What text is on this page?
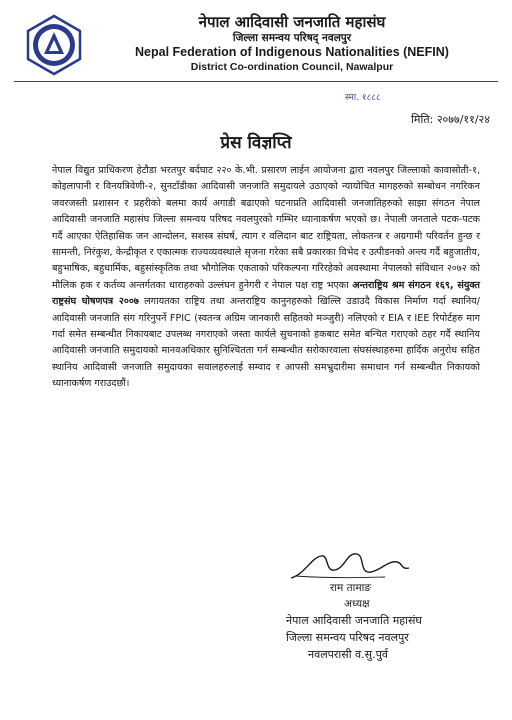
नेपाल आदिवासी जनजाति महासंघ
जिल्ला समन्वय परिषद् नवलपुर
Nepal Federation of Indigenous Nationalities (NEFIN)
District Co-ordination Council, Nawalpur
स्मा. १८८८
मिति: २०७७/११/२४
प्रेस विज्ञप्ति

नेपाल विद्युत प्राधिकरण हेटौडा भरतपुर बर्दघाट २२० के.भी. प्रसारण लाईन आयोजना द्वारा नवलपुर जिल्लाको कावासोती-१, कोइलापानी र विनयत्रिवेणी-२, सुनटाँडीका आदिवासी जनजाति समुदायले उठाएको न्यायोचित मागहरुको सम्बोधन नगरिकन जवरजस्ती प्रशासन र प्रहरीको बलमा कार्य अगाडी बढाएको घटनाप्रति आदिवासी जनजातिहरुको साझा संगठन नेपाल आदिवासी जनजाति महासंघ जिल्ला समन्वय परिषद नवलपुरको गम्भिर ध्यानाकर्षण भएको छ। नेपाली जनताले पटक-पटक गर्दै आएका ऐतिहासिक जन आन्दोलन, सशस्त्र संघर्ष, त्याग र वलिदान बाट राष्ट्रियता, लोकतन्त्र र अग्रगामी परिवर्तन हुन्छ र सामन्ती, निरंकुश, केन्द्रीकृत र एकात्मक राज्यव्यवस्थाले सृजना गरेका सबै प्रकारका विभेद र उत्पीडनको अन्त्य गर्दै बहुजातीय, बहुभाषिक, बहुधार्मिक, बहुसांस्कृतिक तथा भौगोलिक एकताको परिकल्पना गरिरहेको अवस्थामा नेपालको संविधान २०७२ को मौलिक हक र कर्तव्य अन्तर्गतका धाराहरुको उल्लंघन हुनेगरी र नेपाल पक्ष राष्ट्र भएका अन्तराष्ट्रिय श्रम संगठन १६९, संयुक्त राष्ट्रसंघ घोषणपत्र २००७ लगायतका राष्ट्रिय तथा अन्तराष्ट्रिय कानुनहरुको खिल्लि उडाउदै विकास निर्माण गर्दा स्थानिय/आदिवासी जनजाति संग गरिनुपर्ने FPIC (स्वतन्त्र अग्रिम जानकारी सहितको मञ्जुरी) नलिएको र EIA र IEE रिपोर्टहरु माग गर्दा समेत सम्बन्धीत निकायबाट उपलब्ध नगराएको जस्ता कार्यले सुचनाको हकबाट समेत बन्चित गराएको ठहर गर्दै स्थानिय आदिवासी जनजाति समुदायको मानवअधिकार सुनिश्चितता गर्न सम्बन्धीत सरोकारवाला संघसंस्थाहरुमा हार्दिक अनुरोध सहित स्थानिय आदिवासी जनजाति समुदायका सवालहरुलाई सम्वाद र आपसी समभ्रुदारीमा समाधान गर्न सम्बन्धीत निकायको ध्यानाकर्षण गराउदछौं।

राम तामाङ
अध्यक्ष
नेपाल आदिवासी जनजाति महासंघ
जिल्ला समन्वय परिषद नवलपुर
नवलपरासी व.सु.पुर्व
